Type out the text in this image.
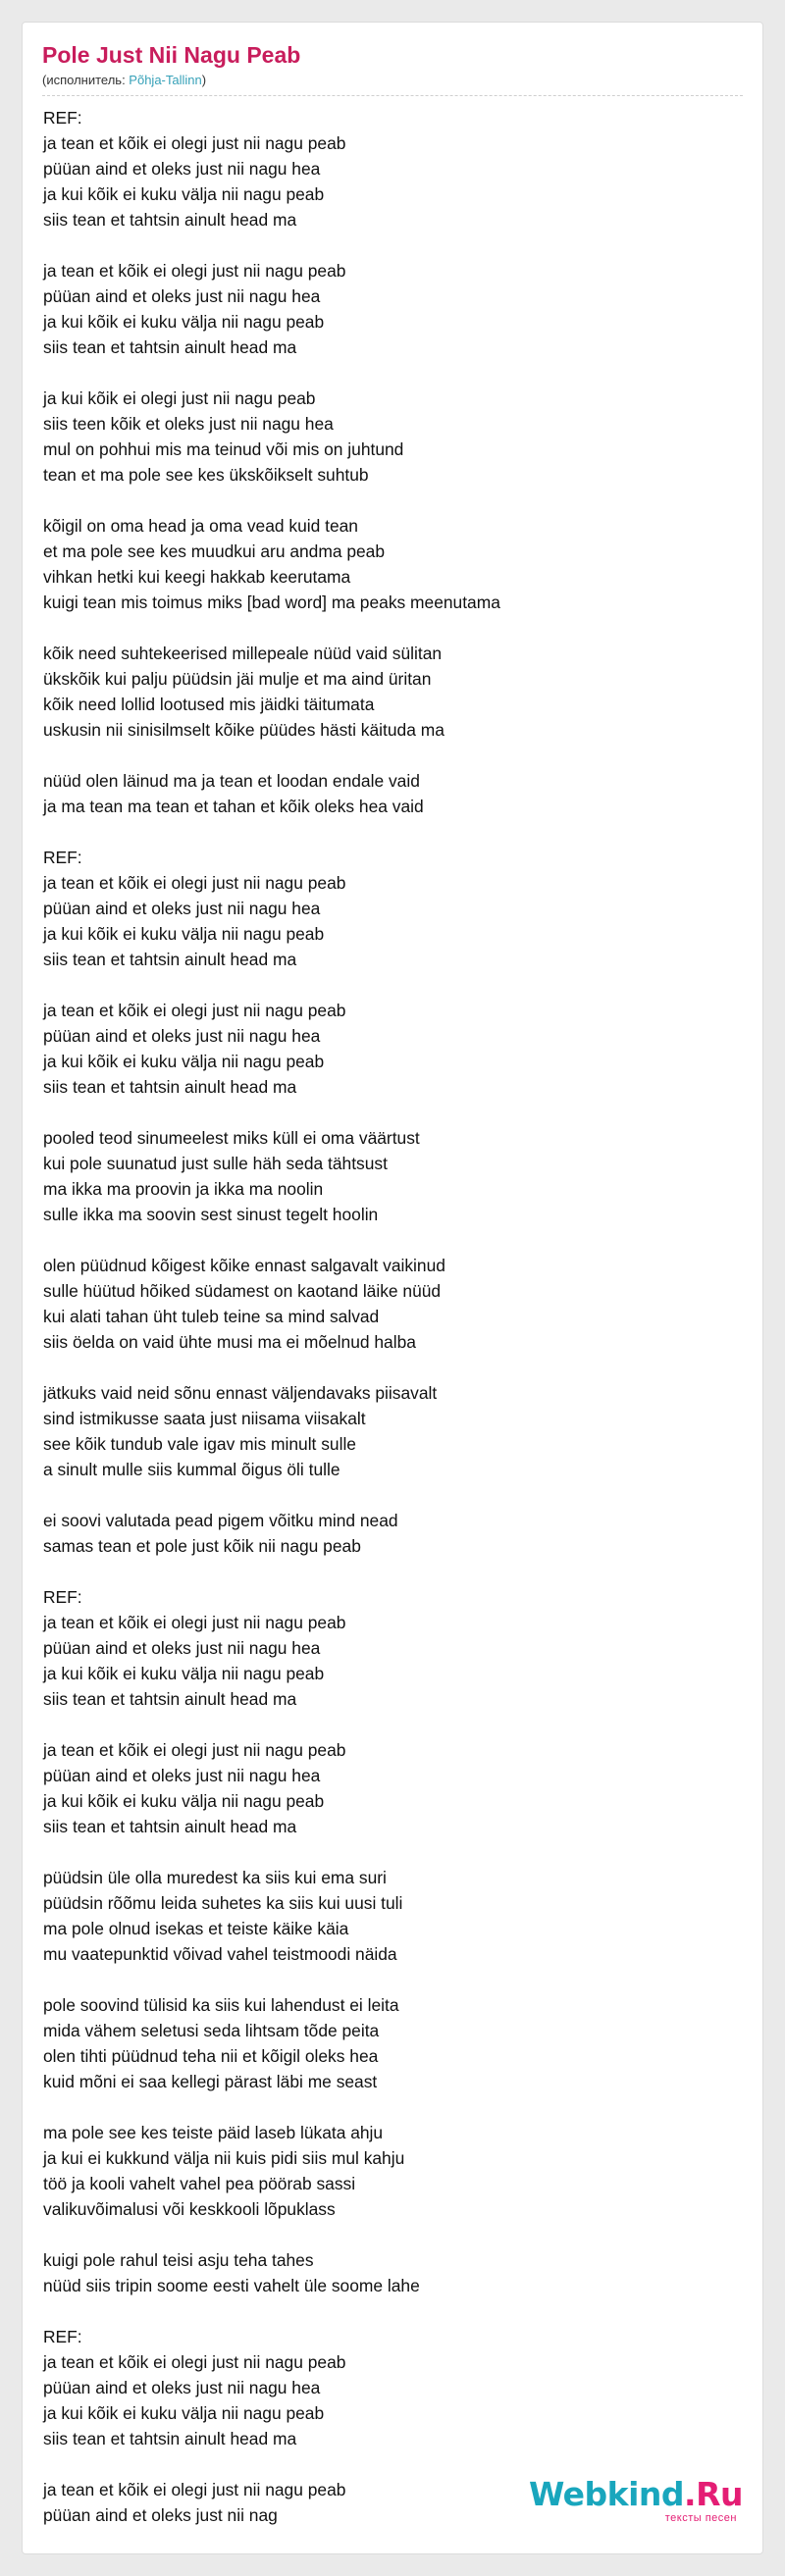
Pole Just Nii Nagu Peab
(исполнитель: Põhja-Tallinn)
REF:
ja tean et kõik ei olegi just nii nagu peab
püüan aind et oleks just nii nagu hea
ja kui kõik ei kuku välja nii nagu peab
siis tean et tahtsin ainult head ma
ja tean et kõik ei olegi just nii nagu peab
püüan aind et oleks just nii nagu hea
ja kui kõik ei kuku välja nii nagu peab
siis tean et tahtsin ainult head ma
ja kui kõik ei olegi just nii nagu peab
siis teen kõik et oleks just nii nagu hea
mul on pohhui mis ma teinud või mis on juhtund
tean et ma pole see kes ükskõikselt suhtub
kõigil on oma head ja oma vead kuid tean
et ma pole see kes muudkui aru andma peab
vihkan hetki kui keegi hakkab keerutama
kuigi tean mis toimus miks [bad word] ma peaks meenutama
kõik need suhtekeerised millepeale nüüd vaid sülitan
ükskõik kui palju püüdsin jäi mulje et ma aind üritan
kõik need lollid lootused mis jäidki täitumata
uskusin nii sinisilmselt kõike püüdes hästi käituda ma
nüüd olen läinud ma ja tean et loodan endale vaid
ja ma tean ma tean et tahan et kõik oleks hea vaid
REF:
ja tean et kõik ei olegi just nii nagu peab
püüan aind et oleks just nii nagu hea
ja kui kõik ei kuku välja nii nagu peab
siis tean et tahtsin ainult head ma
ja tean et kõik ei olegi just nii nagu peab
püüan aind et oleks just nii nagu hea
ja kui kõik ei kuku välja nii nagu peab
siis tean et tahtsin ainult head ma
pooled teod sinumeelest miks küll ei oma väärtust
kui pole suunatud just sulle häh seda tähtsust
ma ikka ma proovin ja ikka ma noolin
sulle ikka ma soovin sest sinust tegelt hoolin
olen püüdnud kõigest kõike ennast salgavalt vaikinud
sulle hüütud hõiked südamest on kaotand läike nüüd
kui alati tahan üht tuleb teine sa mind salvad
siis öelda on vaid ühte musi ma ei mõelnud halba
jätkuks vaid neid sõnu ennast väljendavaks piisavalt
sind istmikusse saata just niisama viisakalt
see kõik tundub vale igav mis minult sulle
a sinult mulle siis kummal õigus öli tulle
ei soovi valutada pead pigem võitku mind nead
samas tean et pole just kõik nii nagu peab
REF:
ja tean et kõik ei olegi just nii nagu peab
püüan aind et oleks just nii nagu hea
ja kui kõik ei kuku välja nii nagu peab
siis tean et tahtsin ainult head ma
ja tean et kõik ei olegi just nii nagu peab
püüan aind et oleks just nii nagu hea
ja kui kõik ei kuku välja nii nagu peab
siis tean et tahtsin ainult head ma
püüdsin üle olla muredest ka siis kui ema suri
püüdsin rõõmu leida suhetes ka siis kui uusi tuli
ma pole olnud isekas et teiste käike käia
mu vaatepunktid võivad vahel teistmoodi näida
pole soovind tülisid ka siis kui lahendust ei leita
mida vähem seletusi seda lihtsam tõde peita
olen tihti püüdnud teha nii et kõigil oleks hea
kuid mõni ei saa kellegi pärast läbi me seast
ma pole see kes teiste päid laseb lükata ahju
ja kui ei kukkund välja nii kuis pidi siis mul kahju
töö ja kooli vahelt vahel pea pöörab sassi
valikuvõimalusi või keskkooli lõpuklass
kuigi pole rahul teisi asju teha tahes
nüüd siis tripin soome eesti vahelt üle soome lahe
REF:
ja tean et kõik ei olegi just nii nagu peab
püüan aind et oleks just nii nagu hea
ja kui kõik ei kuku välja nii nagu peab
siis tean et tahtsin ainult head ma
ja tean et kõik ei olegi just nii nagu peab
püüan aind et oleks just nii nag
Webkind.Ru
тексты песен
